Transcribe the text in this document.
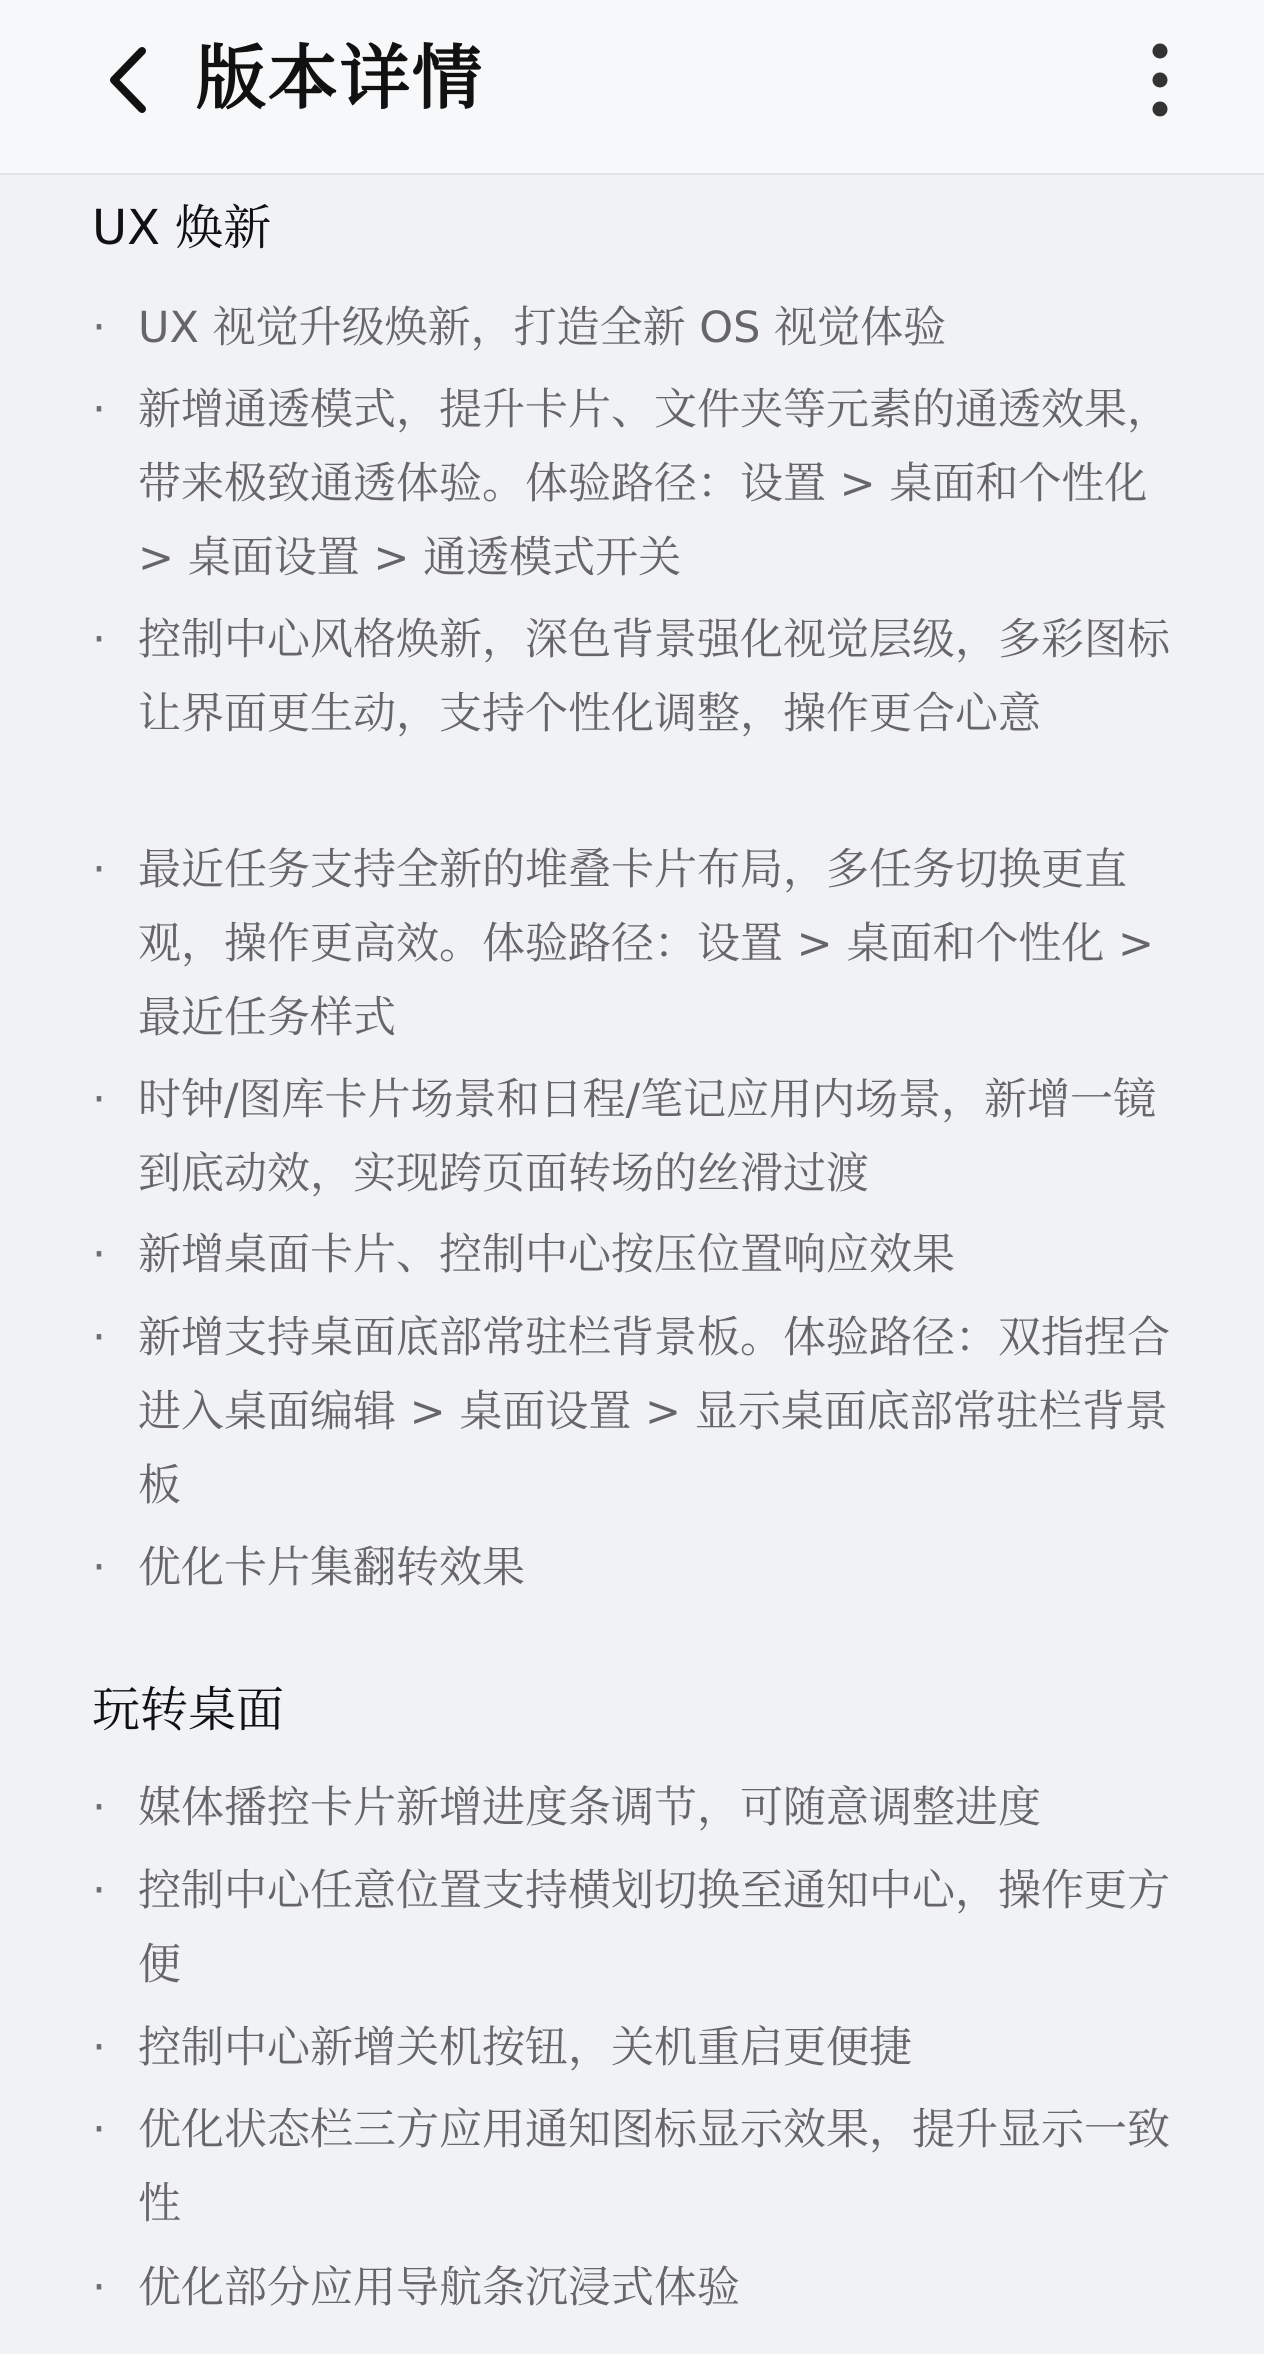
版本详情
UX 焕新
· UX 视觉升级焕新，打造全新 OS 视觉体验
· 新增通透模式，提升卡片、文件夹等元素的通透效果，带来极致通透体验。体验路径：设置 > 桌面和个性化 > 桌面设置 > 通透模式开关
· 控制中心风格焕新，深色背景强化视觉层级，多彩图标让界面更生动，支持个性化调整，操作更合心意
· 最近任务支持全新的堆叠卡片布局，多任务切换更直观，操作更高效。体验路径：设置 > 桌面和个性化 > 最近任务样式
· 时钟/图库卡片场景和日程/笔记应用内场景，新增一镜到底动效，实现跨页面转场的丝滑过渡
· 新增桌面卡片、控制中心按压位置响应效果
· 新增支持桌面底部常驻栏背景板。体验路径：双指捏合进入桌面编辑 > 桌面设置 > 显示桌面底部常驻栏背景板
· 优化卡片集翻转效果
玩转桌面
· 媒体播控卡片新增进度条调节，可随意调整进度
· 控制中心任意位置支持横划切换至通知中心，操作更方便
· 控制中心新增关机按钮，关机重启更便捷
· 优化状态栏三方应用通知图标显示效果，提升显示一致性
· 优化部分应用导航条沉浸式体验
